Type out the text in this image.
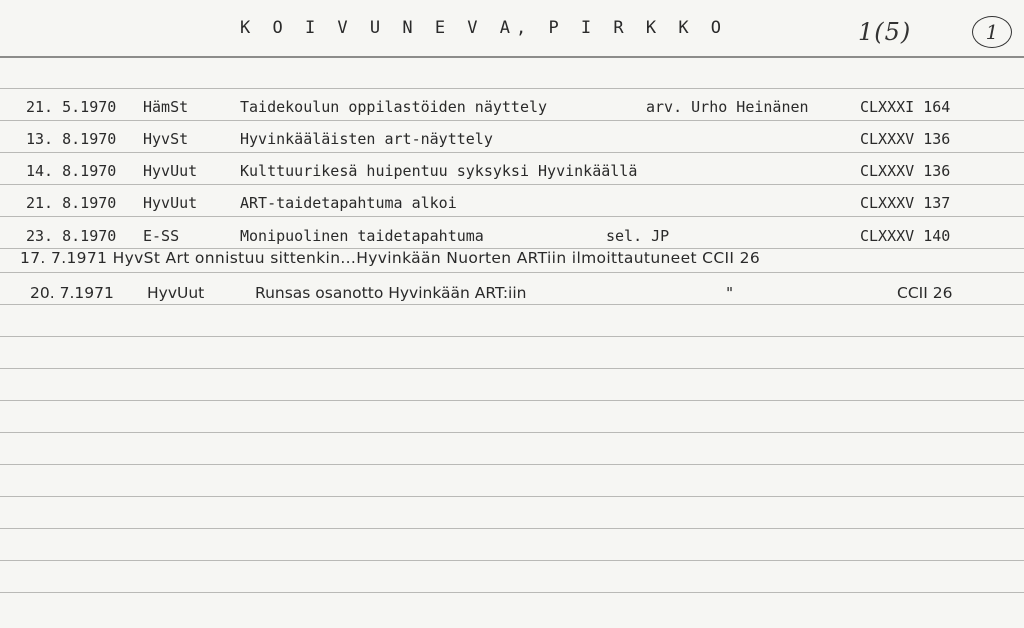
K O I V U N E V A, P I R K K O	1(5)	1
21. 5.1970 HämSt	Taidekoulun oppilastöiden näyttely	arv. Urho Heinänen	CLXXXI 164
13. 8.1970 HyvSt	Hyvinkääläisten art-näyttely	CLXXXV 136
14. 8.1970 HyvUut	Kulttuurikesä huipentuu syksyksi Hyvinkäällä	CLXXXV 136
21. 8.1970 HyvUut	ART-taidetapahtuma alkoi	CLXXXV 137
23. 8.1970 E-SS	Monipuolinen taidetapahtuma	sel. JP	CLXXXV 140
17. 7.1971 HyvSt Art onnistuu sittenkin...Hyvinkään Nuorten ARTiin ilmoittautuneet CCII 26
20. 7.1971 HyvUut	Runsas osanotto Hyvinkään ART:iin	"	CCII 26
